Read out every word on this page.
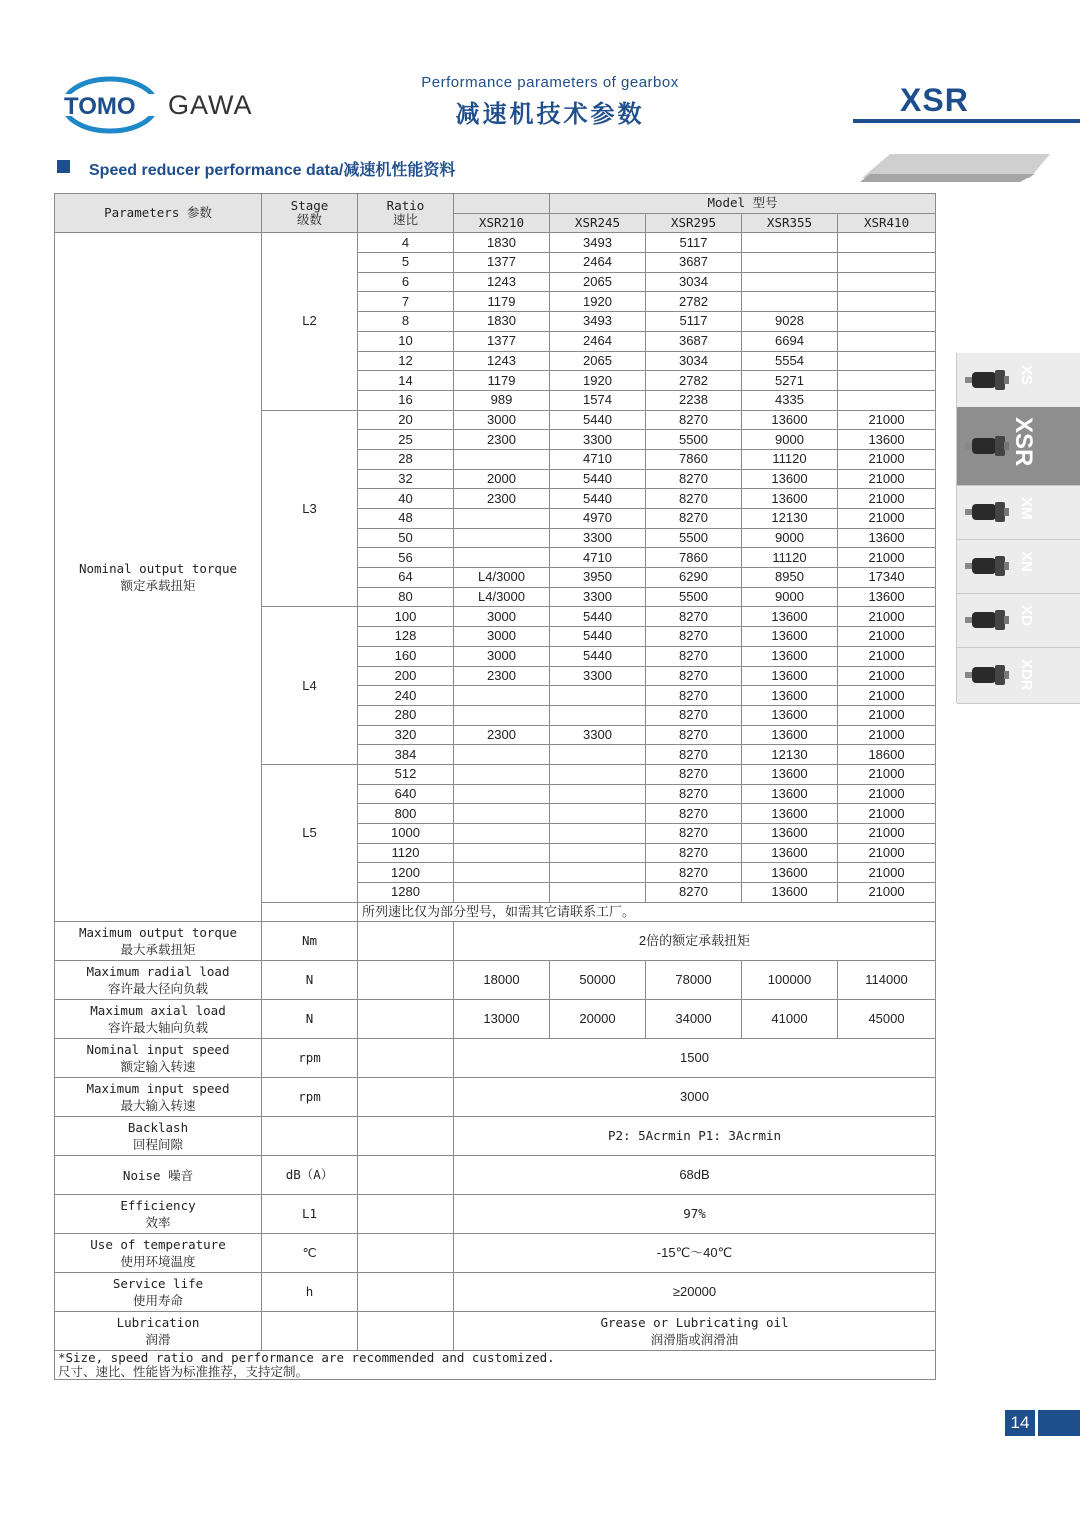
TOMO GAWA
Performance parameters of gearbox
减速机技术参数	XSR
Speed reducer performance data/减速机性能资料
Parameters 参数	Stage
级数	Ratio
速比		Model 型号			
			XSR210	XSR245	XSR295	XSR355	XSR410
Nominal output torque
额定承载扭矩	L2	4	1830	3493	5117		
		5	1377	2464	3687		
		6	1243	2065	3034		
		7	1179	1920	2782		
		8	1830	3493	5117	9028	
		10	1377	2464	3687	6694	
		12	1243	2065	3034	5554	
		14	1179	1920	2782	5271	
		16	989	1574	2238	4335	
	L3	20	3000	5440	8270	13600	21000
		25	2300	3300	5500	9000	13600
		28		4710	7860	11120	21000
		32	2000	5440	8270	13600	21000
		40	2300	5440	8270	13600	21000
		48		4970	8270	12130	21000
		50		3300	5500	9000	13600
		56		4710	7860	11120	21000
		64	L4/3000	3950	6290	8950	17340
		80	L4/3000	3300	5500	9000	13600
	L4	100	3000	5440	8270	13600	21000
		128	3000	5440	8270	13600	21000
		160	3000	5440	8270	13600	21000
		200	2300	3300	8270	13600	21000
		240			8270	13600	21000
		280			8270	13600	21000
		320	2300	3300	8270	13600	21000
		384			8270	12130	18600
	L5	512			8270	13600	21000
		640			8270	13600	21000
		800			8270	13600	21000
		1000			8270	13600	21000
		1120			8270	13600	21000
		1200			8270	13600	21000
		1280			8270	13600	21000
		所列速比仅为部分型号，如需其它请联系工厂。					
Maximum output torque
最大承载扭矩	Nm		2倍的额定承载扭矩				
Maximum radial load
容许最大径向负载	N		18000	50000	78000	100000	114000
Maximum axial load
容许最大轴向负载	N		13000	20000	34000	41000	45000
Nominal input speed
额定输入转速	rpm		1500				
Maximum input speed
最大输入转速	rpm		3000				
Backlash
回程间隙			P2: 5Acrmin P1: 3Acrmin				
Noise 噪音	dB（A）		68dB				
Efficiency
效率	L1		97%				
Use of temperature
使用环境温度	℃		-15℃～40℃				
Service life
使用寿命	h		≥20000				
Lubrication
润滑			Grease or Lubricating oil
润滑脂或润滑油				
*Size, speed ratio and performance are recommended and customized.
尺寸、速比、性能皆为标准推荐，支持定制。							
XS
XSR
XM
XN
XD
XDR
14
